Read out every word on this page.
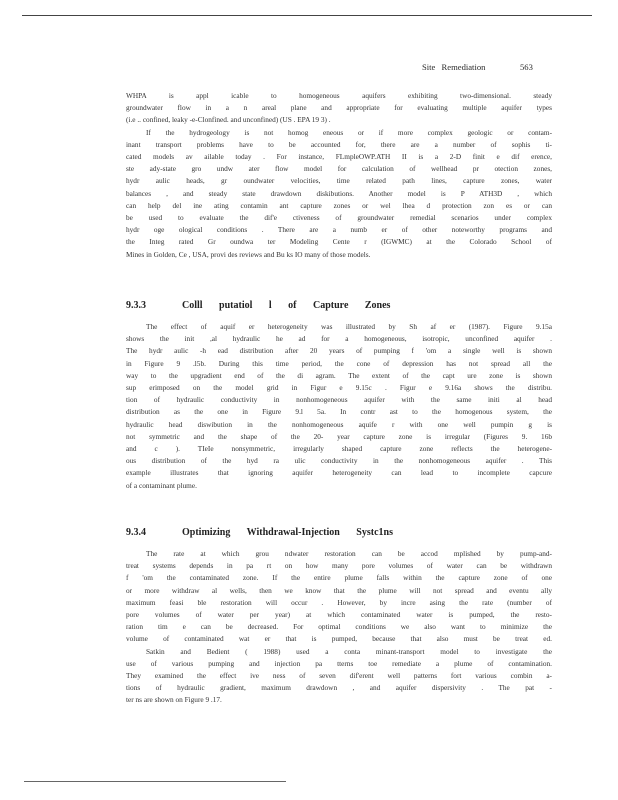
Site Remediation	563

WHPA is appl icable to homogeneous aquifers exhibiting two-dimensional. steady
groundwater flow in a n areal plane and appropriate for evaluating multiple aquifer types
(i.e .. confined, leaky -e-Clonfined. and unconfined) (US . EPA 19 3) .

If the hydrogeology is not homog eneous or if more complex geologic or contam-
inant transport problems have to be accounted for, there are a number of sophis ti-
cated models av ailable today . For instance, FLmpleOWP.ATH II is a 2-D finit e dif erence,
ste ady-state gro undw ater flow model for calculation of wellhead pr otection zones,
hydr aulic heads, gr oundwater velocities, time related path lines, capture zones, water
balances , and steady state drawdown diskibutions. Another model is P ATH3D , which
can help del ine ating contamin ant capture zones or wel lhea d protection zon es or can
be used to evaluate the dif'e ctiveness of groundwater remedial scenarios under complex
hydr oge ological conditions . There are a numb er of other noteworthy programs and
the Integ rated Gr oundwa ter Modeling Cente r (IGWMC) at the Colorado School of
Mines in Golden, Ce , USA, provi des reviews and Bu ks IO many of those models.

9.3.3	Colll putatiol l of Capture Zones

The effect of aquif er heterogeneity was illustrated by Sh af er (1987). Figure 9.15a
shows the init ,al hydraulic he ad for a homogeneous, isotropic, unconfined aquifer .
The hydr aulic -h ead distribution after 20 years of pumping f 'om a single well is shown
in Figure 9 .l5b. During this time period, the cone of depression has not spread all the
way to the upgradient end of the di agram. The extent of the capt ure zone is shown
sup erimposed on the model grid in Figur e 9.15c . Figur e 9.16a shows the distribu.
tion of hydraulic conductivity in nonhomogeneous aquifer with the same initi al head
distribution as the one in Figure 9.l 5a. In contr ast to the homogenous system, the
hydraulic head diswibution in the nonhomogeneous aquife r with one well pumpin g is
not symmetric and the shape of the 20- year capture zone is irregular (Figures 9. 16b
and c ). TIeIe nonsymmetric, irregularly shaped capture zone reflects the heterogene-
ous distribution of the hyd ra ulic conductivity in the nonhomogeneous aquifer . This
example illustrates that ignoring aquifer heterogeneity can lead to incomplete capcure
of a contaminant plume.

9.3.4	Optimizing Withdrawal-Injection Systc1ns

The rate at which grou ndwater restoration can be accod mplished by pump-and-
treat systems depends in pa rt on how many pore volumes of water can be withdrawn
f 'om the contaminated zone. If the entire plume falls within the capture zone of one
or more withdraw al wells, then we know that the plume will not spread and eventu ally
maximum feasi ble restoration will occur . However, by incre asing the rate (number of
pore volumes of water per year) at which contaminated water is pumped, the resto-
ration tim e can be decreased. For optimal conditions we also want to minimize the
volume of contaminated wat er that is pumped, because that also must be treat ed.

Satkin and Bedient ( 1988) used a conta minant-transport model to investigate the
use of various pumping and injection pa tterns toe remediate a plume of contamination.
They examined the effect ive ness of seven dif'erent well patterns fort various combin a-
tions of hydraulic gradient, maximum drawdown , and aquifer dispersivity . The pat -
ter ns are shown on Figure 9 .17.
